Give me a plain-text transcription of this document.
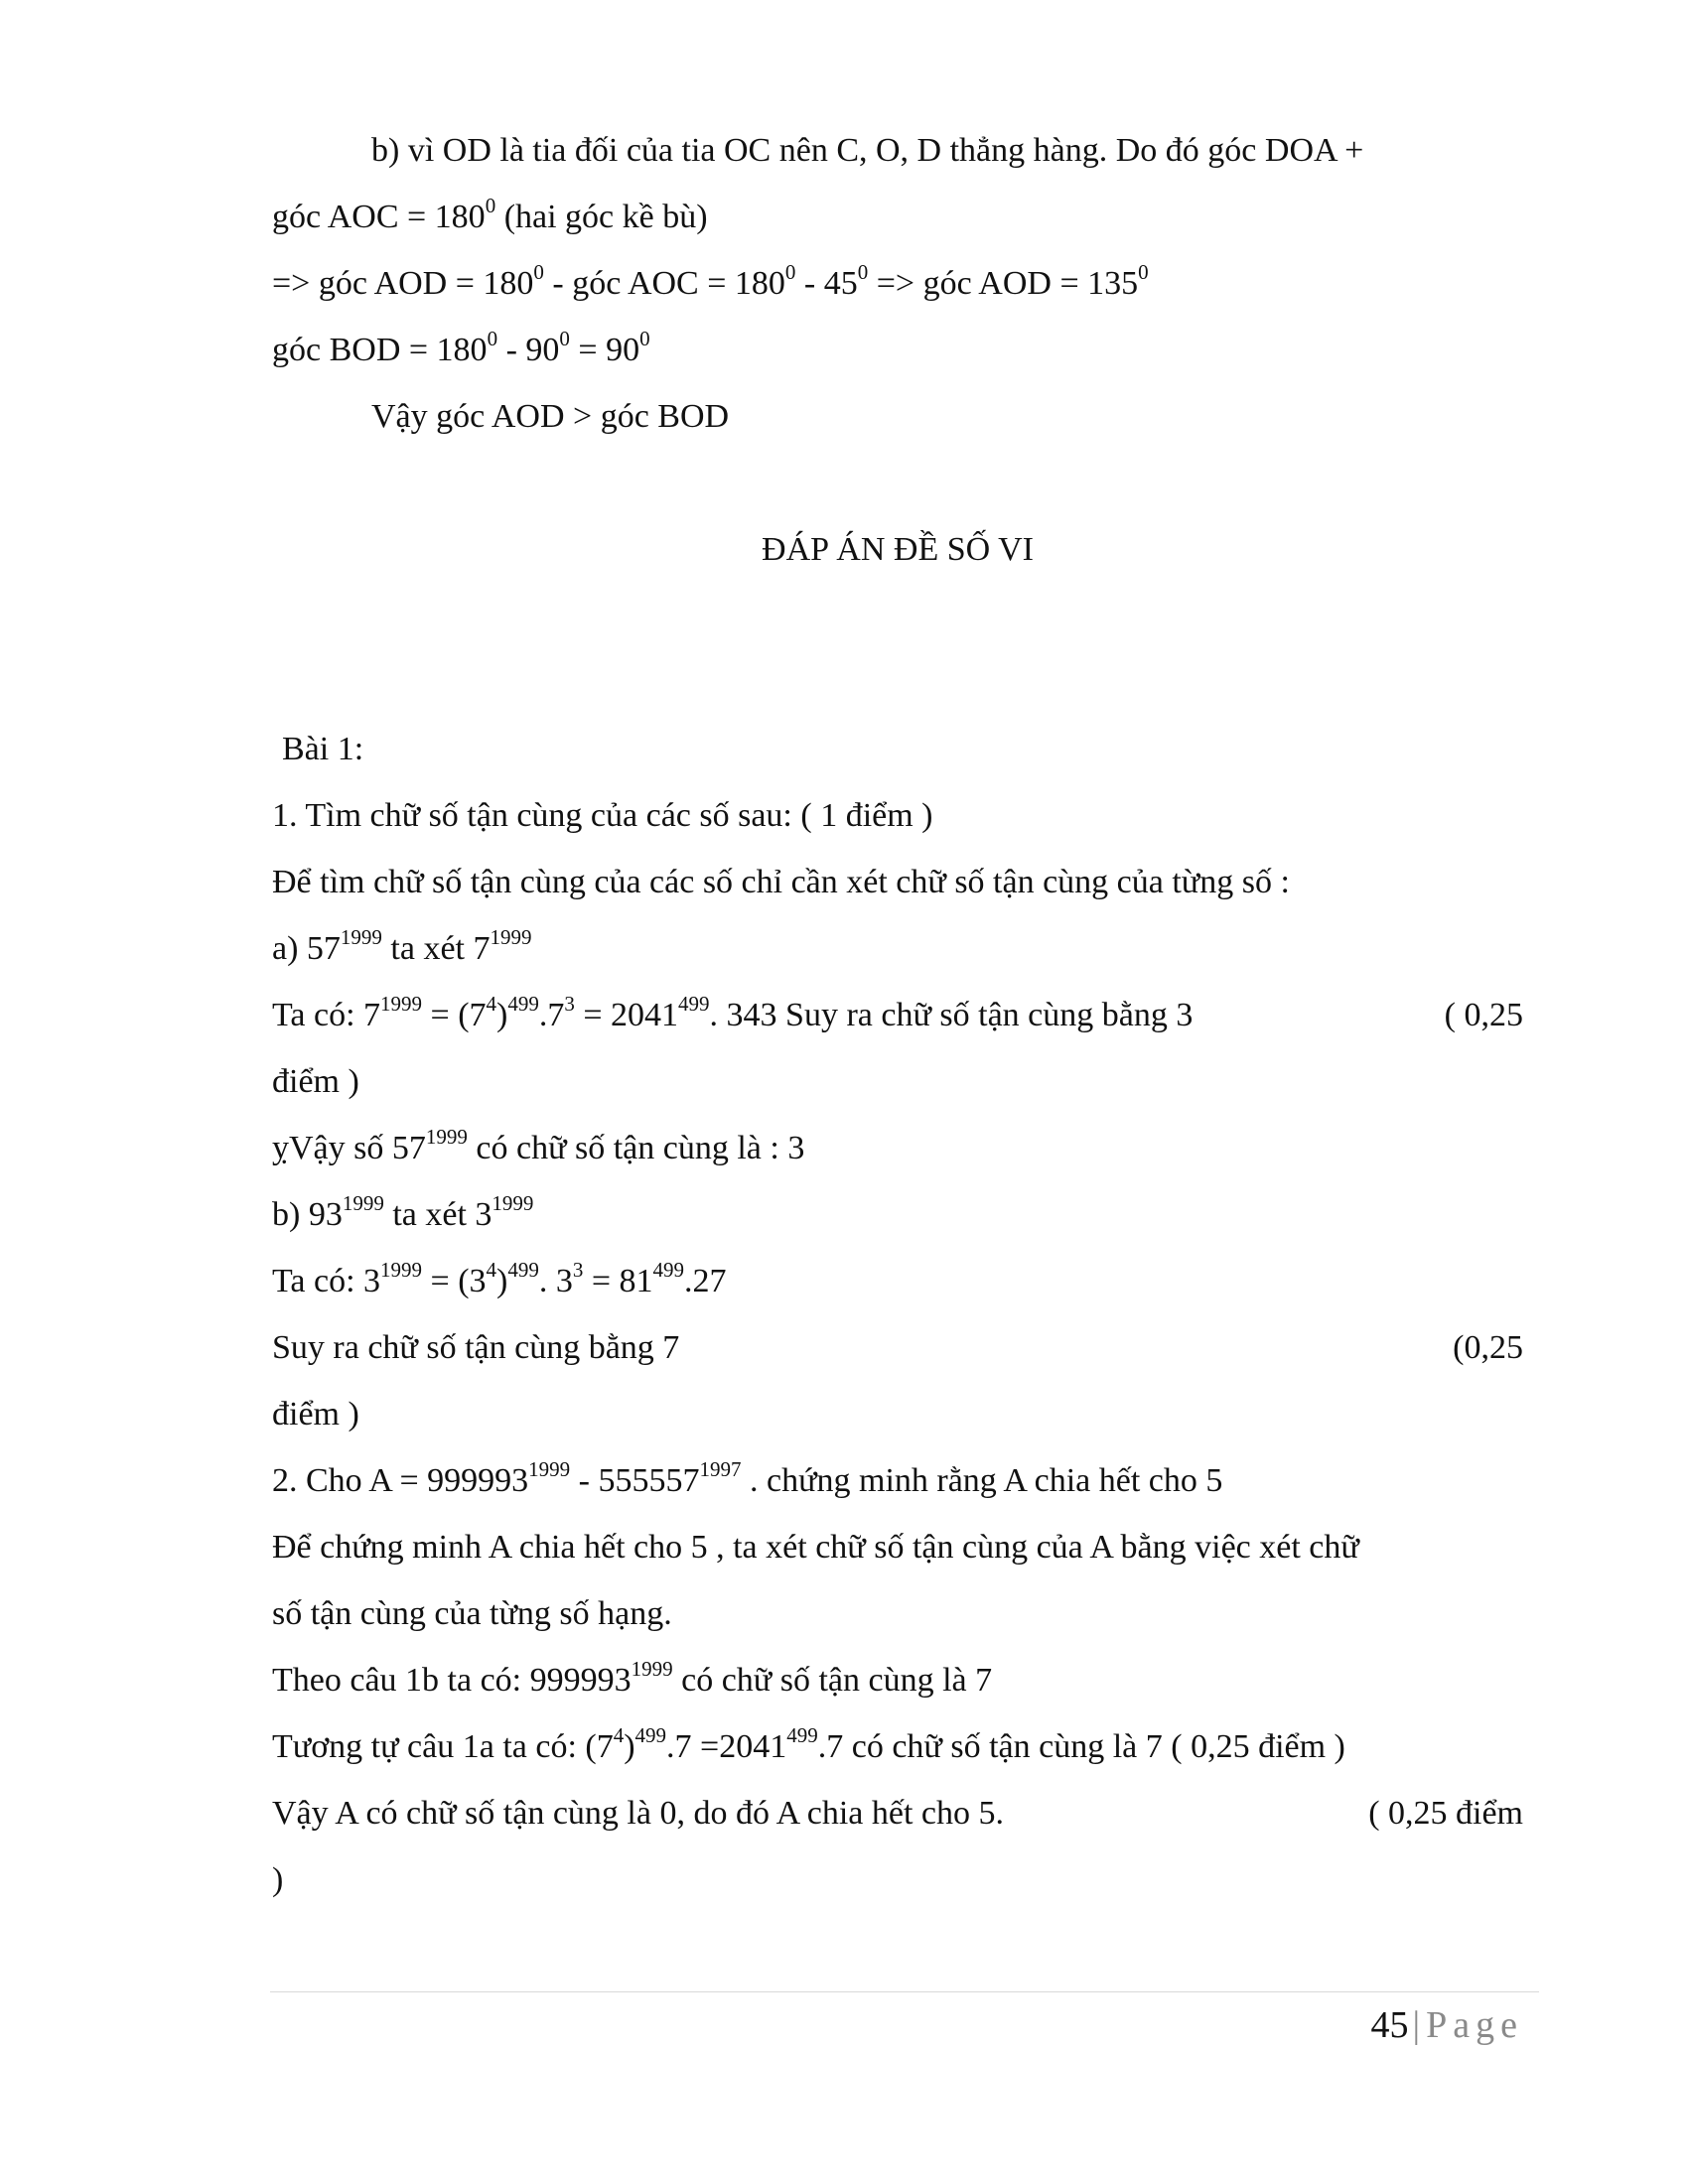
b) vì OD là tia đối của tia OC nên C, O, D thẳng hàng. Do đó góc DOA +
góc AOC = $180^0$ (hai góc kề bù)
=> góc AOD = $180^0$ - góc AOC = $180^0 - 45^0$ => góc AOD = $135^0$
góc BOD = $180^0 - 90^0 = 90^0$
Vậy góc AOD > góc BOD
ĐÁP ÁN ĐỀ SỐ VI
Bài 1:
1. Tìm chữ số tận cùng của các số sau: ( 1 điểm )
Để tìm chữ số tận cùng của các số chỉ cần xét chữ số tận cùng của từng số :
a) $57^{1999}$ ta xét $7^{1999}$
Ta có: $7^{1999} = (7^4)^{499}.7^3 = 2041^{499}$. 343 Suy ra chữ số tận cùng bằng 3	( 0,25
điểm )
ỵVậy số $57^{1999}$ có chữ số tận cùng là : 3
b) $93^{1999}$ ta xét $3^{1999}$
Ta có: $3^{1999} = (3^4)^{499}$. $3^3 = 81^{499}.27$
Suy ra chữ số tận cùng bằng 7	(0,25
điểm )
2. Cho $A = 999993^{1999} - 555557^{1997}$ . chứng minh rằng A chia hết cho 5
Để chứng minh A chia hết cho 5 , ta xét chữ số tận cùng của A bằng việc xét chữ
số tận cùng của từng số hạng.
Theo câu 1b ta có: $999993^{1999}$ có chữ số tận cùng là 7
Tương tự câu 1a ta có: $(7^4)^{499}.7 =2041^{499}.7$ có chữ số tận cùng là 7 ( 0,25 điểm )
Vậy A có chữ số tận cùng là 0, do đó A chia hết cho 5.	( 0,25 điểm
)
45 | Page
